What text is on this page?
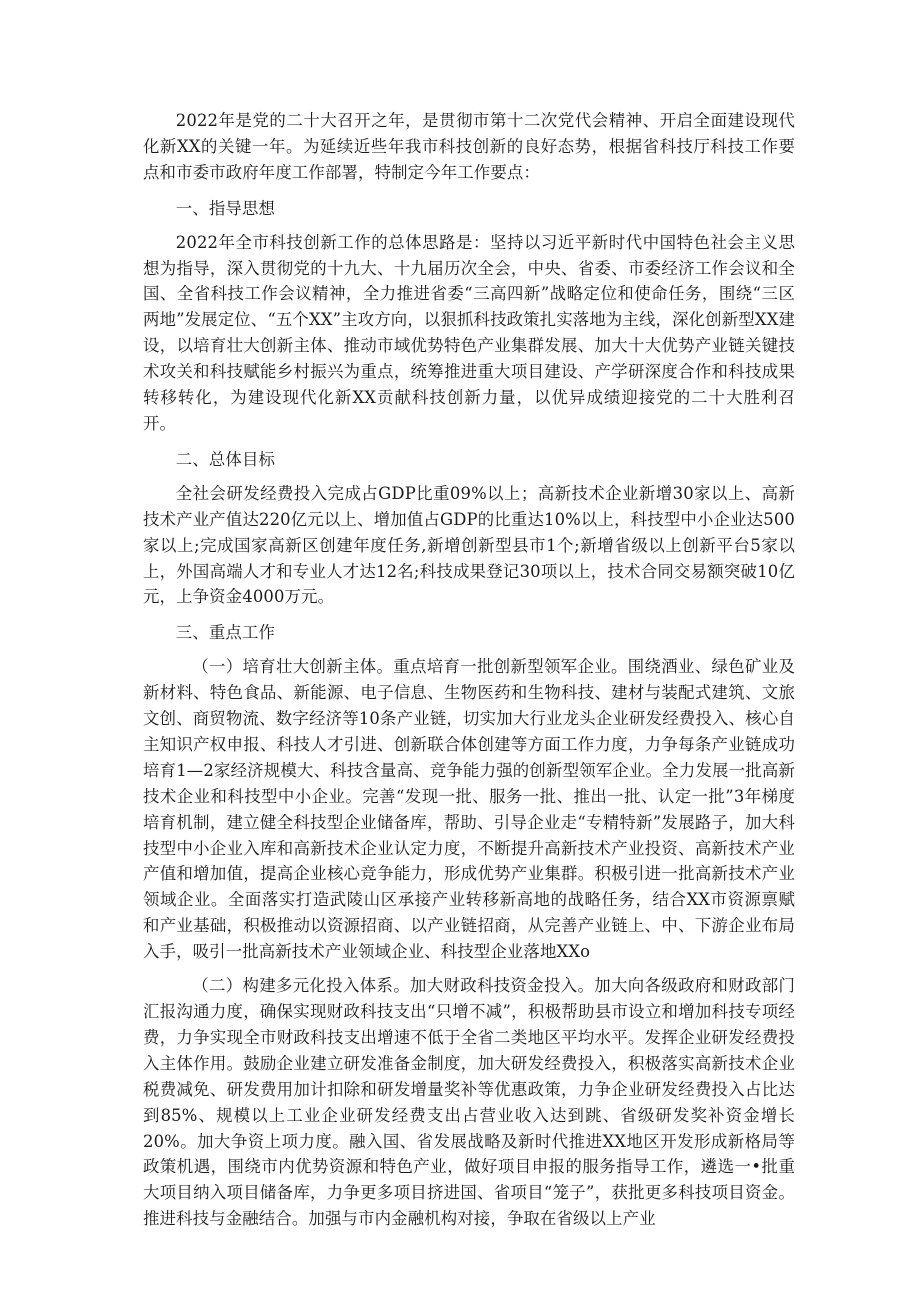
2022年是党的二十大召开之年，是贯彻市第十二次党代会精神、开启全面建设现代化新XX的关键一年。为延续近些年我市科技创新的良好态势，根据省科技厅科技工作要点和市委市政府年度工作部署，特制定今年工作要点：

一、指导思想

2022年全市科技创新工作的总体思路是：坚持以习近平新时代中国特色社会主义思想为指导，深入贯彻党的十九大、十九届历次全会，中央、省委、市委经济工作会议和全国、全省科技工作会议精神，全力推进省委“三高四新”战略定位和使命任务，围绕“三区两地”发展定位、“五个XX”主攻方向，以狠抓科技政策扎实落地为主线，深化创新型XX建设，以培育壮大创新主体、推动市域优势特色产业集群发展、加大十大优势产业链关键技术攻关和科技赋能乡村振兴为重点，统筹推进重大项目建设、产学研深度合作和科技成果转移转化，为建设现代化新XX贡献科技创新力量，以优异成绩迎接党的二十大胜利召开。

二、总体目标

全社会研发经费投入完成占GDP比重09%以上；高新技术企业新增30家以上、高新技术产业产值达220亿元以上、增加值占GDP的比重达10%以上，科技型中小企业达500家以上;完成国家高新区创建年度任务,新增创新型县市1个;新增省级以上创新平台5家以上，外国高端人才和专业人才达12名;科技成果登记30项以上，技术合同交易额突破10亿元，上争资金4000万元。

三、重点工作

（一）培育壮大创新主体。重点培育一批创新型领军企业。围绕酒业、绿色矿业及新材料、特色食品、新能源、电子信息、生物医药和生物科技、建材与装配式建筑、文旅文创、商贸物流、数字经济等10条产业链，切实加大行业龙头企业研发经费投入、核心自主知识产权申报、科技人才引进、创新联合体创建等方面工作力度，力争每条产业链成功培育1—2家经济规模大、科技含量高、竞争能力强的创新型领军企业。全力发展一批高新技术企业和科技型中小企业。完善“发现一批、服务一批、推出一批、认定一批”3年梯度培育机制，建立健全科技型企业储备库，帮助、引导企业走“专精特新”发展路子，加大科技型中小企业入库和高新技术企业认定力度，不断提升高新技术产业投资、高新技术产业产值和增加值，提高企业核心竞争能力，形成优势产业集群。积极引进一批高新技术产业领域企业。全面落实打造武陵山区承接产业转移新高地的战略任务，结合XX市资源禀赋和产业基础，积极推动以资源招商、以产业链招商，从完善产业链上、中、下游企业布局入手，吸引一批高新技术产业领域企业、科技型企业落地XXo

（二）构建多元化投入体系。加大财政科技资金投入。加大向各级政府和财政部门汇报沟通力度，确保实现财政科技支出“只增不减”，积极帮助县市设立和增加科技专项经费，力争实现全市财政科技支出增速不低于全省二类地区平均水平。发挥企业研发经费投入主体作用。鼓励企业建立研发准备金制度，加大研发经费投入，积极落实高新技术企业税费减免、研发费用加计扣除和研发增量奖补等优惠政策，力争企业研发经费投入占比达到85%、规模以上工业企业研发经费支出占营业收入达到跳、省级研发奖补资金增长20%。加大争资上项力度。融入国、省发展战略及新时代推进XX地区开发形成新格局等政策机遇，围绕市内优势资源和特色产业，做好项目申报的服务指导工作，遴选一•批重大项目纳入项目储备库，力争更多项目挤进国、省项目“笼子”，获批更多科技项目资金。推进科技与金融结合。加强与市内金融机构对接，争取在省级以上产业
